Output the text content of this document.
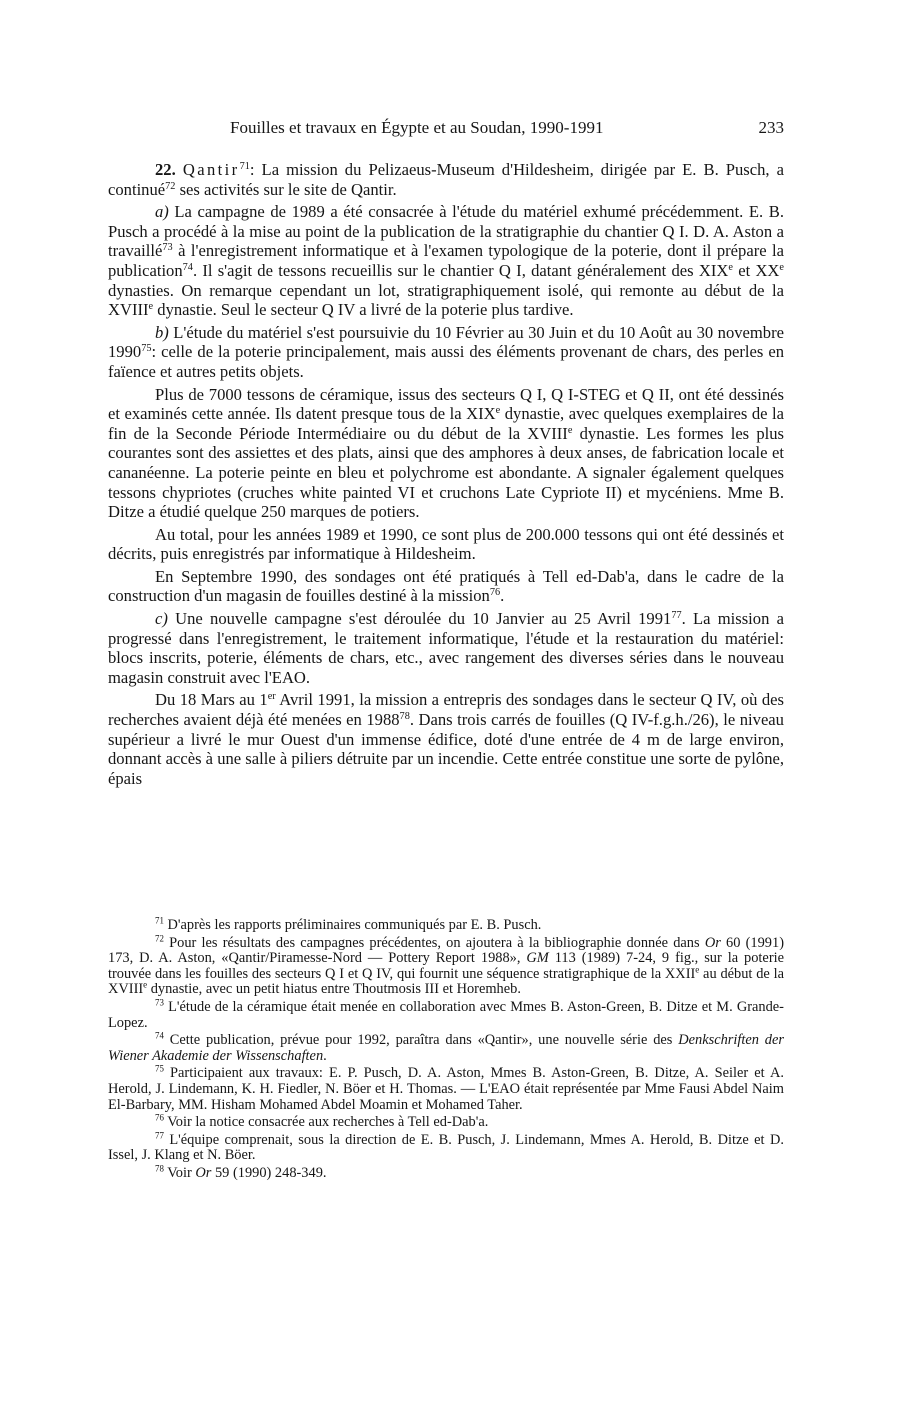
Fouilles et travaux en Égypte et au Soudan, 1990-1991	233

22. Qantir$^{71}$: La mission du Pelizaeus-Museum d'Hildesheim, dirigée par E. B. Pusch, a continué$^{72}$ ses activités sur le site de Qantir.

a) La campagne de 1989 a été consacrée à l'étude du matériel exhumé précédemment. E. B. Pusch a procédé à la mise au point de la publication de la stratigraphie du chantier Q I. D. A. Aston a travaillé$^{73}$ à l'enregistrement informatique et à l'examen typologique de la poterie, dont il prépare la publication$^{74}$. Il s'agit de tessons recueillis sur le chantier Q I, datant généralement des XIXe et XXe dynasties. On remarque cependant un lot, stratigraphiquement isolé, qui remonte au début de la XVIIIe dynastie. Seul le secteur Q IV a livré de la poterie plus tardive.

b) L'étude du matériel s'est poursuivie du 10 Février au 30 Juin et du 10 Août au 30 novembre 1990$^{75}$: celle de la poterie principalement, mais aussi des éléments provenant de chars, des perles en faïence et autres petits objets.

Plus de 7000 tessons de céramique, issus des secteurs Q I, Q I-STEG et Q II, ont été dessinés et examinés cette année. Ils datent presque tous de la XIXe dynastie, avec quelques exemplaires de la fin de la Seconde Période Intermédiaire ou du début de la XVIIIe dynastie. Les formes les plus courantes sont des assiettes et des plats, ainsi que des amphores à deux anses, de fabrication locale et cananéenne. La poterie peinte en bleu et polychrome est abondante. A signaler également quelques tessons chypriotes (cruches white painted VI et cruchons Late Cypriote II) et mycéniens. Mme B. Ditze a étudié quelque 250 marques de potiers.

Au total, pour les années 1989 et 1990, ce sont plus de 200.000 tessons qui ont été dessinés et décrits, puis enregistrés par informatique à Hildesheim.

En Septembre 1990, des sondages ont été pratiqués à Tell ed-Dab'a, dans le cadre de la construction d'un magasin de fouilles destiné à la mission$^{76}$.

c) Une nouvelle campagne s'est déroulée du 10 Janvier au 25 Avril 1991$^{77}$. La mission a progressé dans l'enregistrement, le traitement informatique, l'étude et la restauration du matériel: blocs inscrits, poterie, éléments de chars, etc., avec rangement des diverses séries dans le nouveau magasin construit avec l'EAO.

Du 18 Mars au 1er Avril 1991, la mission a entrepris des sondages dans le secteur Q IV, où des recherches avaient déjà été menées en 1988$^{78}$. Dans trois carrés de fouilles (Q IV-f.g.h./26), le niveau supérieur a livré le mur Ouest d'un immense édifice, doté d'une entrée de 4 m de large environ, donnant accès à une salle à piliers détruite par un incendie. Cette entrée constitue une sorte de pylône, épais

$^{71}$ D'après les rapports préliminaires communiqués par E. B. Pusch.

$^{72}$ Pour les résultats des campagnes précédentes, on ajoutera à la bibliographie donnée dans Or 60 (1991) 173, D. A. Aston, «Qantir/Piramesse-Nord — Pottery Report 1988», GM 113 (1989) 7-24, 9 fig., sur la poterie trouvée dans les fouilles des secteurs Q I et Q IV, qui fournit une séquence stratigraphique de la XXIIe au début de la XVIIIe dynastie, avec un petit hiatus entre Thoutmosis III et Horemheb.

$^{73}$ L'étude de la céramique était menée en collaboration avec Mmes B. Aston-Green, B. Ditze et M. Grande-Lopez.

$^{74}$ Cette publication, prévue pour 1992, paraîtra dans «Qantir», une nouvelle série des Denkschriften der Wiener Akademie der Wissenschaften.

$^{75}$ Participaient aux travaux: E. P. Pusch, D. A. Aston, Mmes B. Aston-Green, B. Ditze, A. Seiler et A. Herold, J. Lindemann, K. H. Fiedler, N. Böer et H. Thomas. — L'EAO était représentée par Mme Fausi Abdel Naim El-Barbary, MM. Hisham Mohamed Abdel Moamin et Mohamed Taher.

$^{76}$ Voir la notice consacrée aux recherches à Tell ed-Dab'a.

$^{77}$ L'équipe comprenait, sous la direction de E. B. Pusch, J. Lindemann, Mmes A. Herold, B. Ditze et D. Issel, J. Klang et N. Böer.

$^{78}$ Voir Or 59 (1990) 248-349.
